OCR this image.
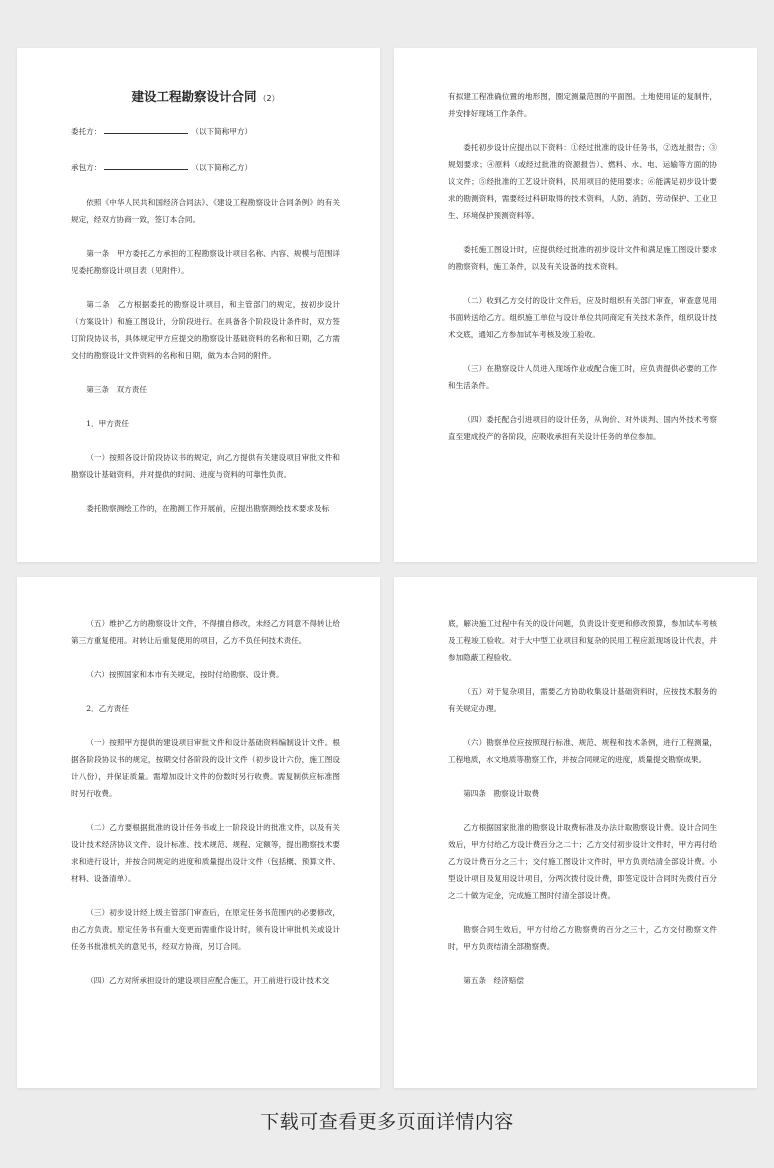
建设工程勘察设计合同 （2）

委托方：	（以下简称甲方）

承包方：	（以下简称乙方）

依照《中华人民共和国经济合同法》、《建设工程勘察设计合同条例》的有关规定，经双方协商一致，签订本合同。

第一条　甲方委托乙方承担的工程勘察设计项目名称、内容、规模与范围详见委托勘察设计项目表（见附件）。

第二条　乙方根据委托的勘察设计项目，和主管部门的规定，按初步设计（方案设计）和施工图设计，分阶段进行。在具备各个阶段设计条件时，双方签订阶段协议书，具体规定甲方应提交的勘察设计基础资料的名称和日期，乙方需交付的勘察设计文件资料的名称和日期，做为本合同的附件。

第三条　双方责任

1．甲方责任

（一）按照各设计阶段协议书的规定，向乙方提供有关建设项目审批文件和勘察设计基础资料，并对提供的时间、进度与资料的可靠性负责。

委托勘察测绘工作的，在勘测工作开展前，应提出勘察测绘技术要求及标

有拟建工程准确位置的地形图，圈定测量范围的平面图。土地使用证的复制件，并安排好现场工作条件。

委托初步设计应提出以下资料：①经过批准的设计任务书，②选址报告；③规划要求；④原料（或经过批准的资源报告）、燃料、水、电、运输等方面的协议文件；⑤经批准的工艺设计资料，民用项目的使用要求；⑥能满足初步设计要求的勘测资料，需要经过科研取得的技术资料，人防、消防、劳动保护、工业卫生、环境保护预测资料等。

委托施工图设计时，应提供经过批准的初步设计文件和满足施工图设计要求的勘察资料，施工条件，以及有关设备的技术资料。

（二）收到乙方交付的设计文件后，应及时组织有关部门审查，审查意见用书面转送给乙方。组织施工单位与设计单位共同商定有关技术条件，组织设计技术交底，通知乙方参加试车考核及竣工验收。

（三）在勘察设计人员进入现场作业或配合施工时，应负责提供必要的工作和生活条件。

（四）委托配合引进项目的设计任务，从询价、对外谈判、国内外技术考察直至建成投产的各阶段，应吸收承担有关设计任务的单位参加。

（五）维护乙方的勘察设计文件，不得擅自修改，未经乙方同意不得转让给第三方重复使用。对转让后重复使用的项目，乙方不负任何技术责任。

（六）按照国家和本市有关规定，按时付给勘察、设计费。

2．乙方责任

（一）按照甲方提供的建设项目审批文件和设计基础资料编制设计文件。根据各阶段协议书的规定，按期交付各阶段的设计文件（初步设计六份，施工图设计八份），并保证质量。需增加设计文件的份数时另行收费。需复制供应标准图时另行收费。

（二）乙方要根据批准的设计任务书或上一阶段设计的批准文件，以及有关设计技术经济协议文件、设计标准、技术规范、规程、定额等，提出勘察技术要求和进行设计，并按合同规定的进度和质量提出设计文件（包括概、预算文件、材料、设备清单）。

（三）初步设计经上级主管部门审查后，在原定任务书范围内的必要修改，由乙方负责。原定任务书有重大变更而需重作设计时，须有设计审批机关或设计任务书批准机关的意见书，经双方协商，另订合同。

（四）乙方对所承担设计的建设项目应配合施工，开工前进行设计技术交

底，解决施工过程中有关的设计问题，负责设计变更和修改预算，参加试车考核及工程竣工验收。对于大中型工业项目和复杂的民用工程应派现场设计代表，并参加隐蔽工程验收。

（五）对于复杂项目，需要乙方协助收集设计基础资料时，应按技术服务的有关规定办理。

（六）勘察单位应按照现行标准、规范、规程和技术条例，进行工程测量，工程地质，水文地质等勘察工作，并按合同规定的进度，质量提交勘察成果。

第四条　勘察设计取费

乙方根据国家批准的勘察设计取费标准及办法计取勘察设计费。设计合同生效后，甲方付给乙方设计费百分之二十；乙方交付初步设计文件时，甲方再付给乙方设计费百分之三十；交付施工图设计文件时，甲方负责结清全部设计费。小型设计项目及复用设计项目，分两次拨付设计费，即签定设计合同时先拨付百分之二十做为定金，完成施工图时付清全部设计费。

勘察合同生效后，甲方付给乙方勘察费的百分之三十，乙方交付勘察文件时，甲方负责结清全部勘察费。

第五条　经济赔偿

下载可查看更多页面详情内容
